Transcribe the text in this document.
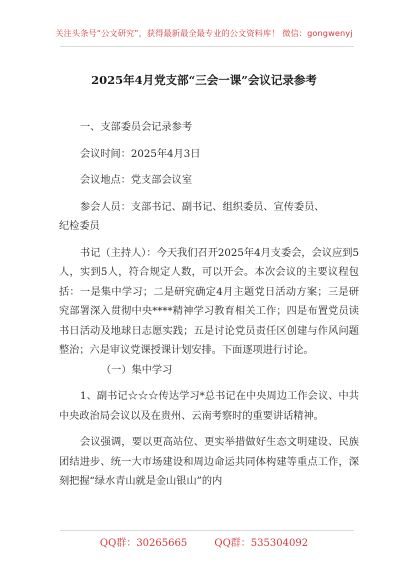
关注头条号“公文研究”，获得最新最全最专业的公文资料库！ 微信：gongwenyj
2025年4月党支部“三会一课”会议记录参考

一、支部委员会记录参考

会议时间：2025年4月3日

会议地点：党支部会议室

参会人员：支部书记、副书记、组织委员、宣传委员、

纪检委员

书记（主持人）：今天我们召开2025年4月支委会，会议应到5人，实到5人，符合规定人数，可以开会。本次会议的主要议程包括：一是集中学习；二是研究确定4月主题党日活动方案；三是研究部署深入贯彻中央****精神学习教育相关工作；四是布置党员读书日活动及地球日志愿实践；五是讨论党员责任区创建与作风问题整治；六是审议党课授课计划安排。下面逐项进行讨论。

（一）集中学习

1、副书记☆☆☆传达学习*总书记在中央周边工作会议、中共中央政治局会议以及在贵州、云南考察时的重要讲话精神。

会议强调，要以更高站位、更实举措做好生态文明建设、民族团结进步、统一大市场建设和周边命运共同体构建等重点工作，深刻把握“绿水青山就是金山银山”的内

QQ群：30265665	QQ群：535304092
